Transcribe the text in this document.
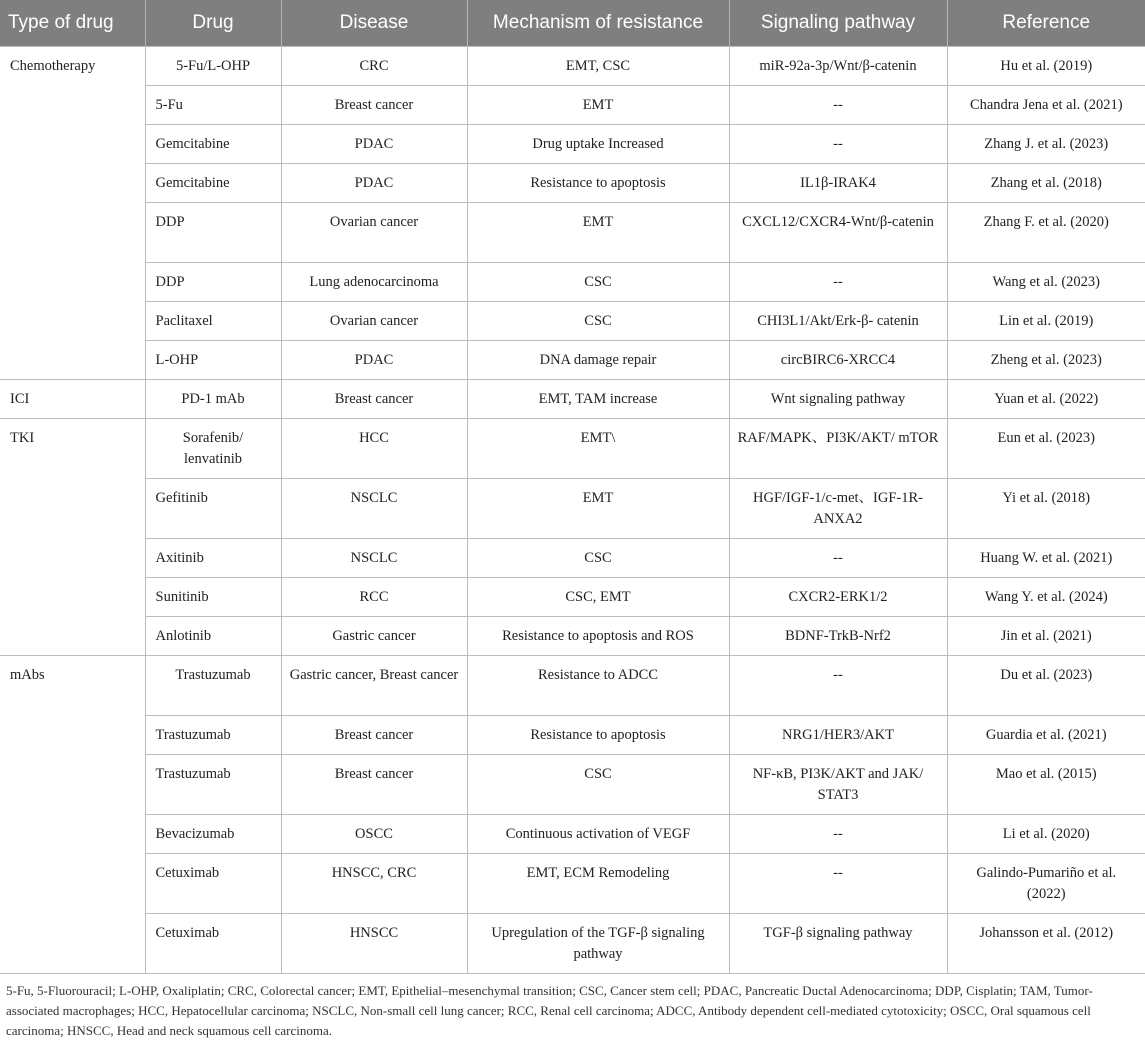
Type of drug	Drug	Disease	Mechanism of resistance	Signaling pathway	Reference
Chemotherapy	5-Fu/L-OHP	CRC	EMT, CSC	miR-92a-3p/Wnt/β-catenin	Hu et al. (2019)
	5-Fu	Breast cancer	EMT	--	Chandra Jena et al. (2021)
	Gemcitabine	PDAC	Drug uptake Increased	--	Zhang J. et al. (2023)
	Gemcitabine	PDAC	Resistance to apoptosis	IL1β-IRAK4	Zhang et al. (2018)
	DDP	Ovarian cancer	EMT	CXCL12/CXCR4-Wnt/β-catenin	Zhang F. et al. (2020)
	DDP	Lung adenocarcinoma	CSC	--	Wang et al. (2023)
	Paclitaxel	Ovarian cancer	CSC	CHI3L1/Akt/Erk-β- catenin	Lin et al. (2019)
	L-OHP	PDAC	DNA damage repair	circBIRC6-XRCC4	Zheng et al. (2023)
ICI	PD-1 mAb	Breast cancer	EMT, TAM increase	Wnt signaling pathway	Yuan et al. (2022)
TKI	Sorafenib/ lenvatinib	HCC	EMT\	RAF/MAPK、PI3K/AKT/ mTOR	Eun et al. (2023)
	Gefitinib	NSCLC	EMT	HGF/IGF-1/c-met、IGF-1R-ANXA2	Yi et al. (2018)
	Axitinib	NSCLC	CSC	--	Huang W. et al. (2021)
	Sunitinib	RCC	CSC, EMT	CXCR2-ERK1/2	Wang Y. et al. (2024)
	Anlotinib	Gastric cancer	Resistance to apoptosis and ROS	BDNF-TrkB-Nrf2	Jin et al. (2021)
mAbs	Trastuzumab	Gastric cancer, Breast cancer	Resistance to ADCC	--	Du et al. (2023)
	Trastuzumab	Breast cancer	Resistance to apoptosis	NRG1/HER3/AKT	Guardia et al. (2021)
	Trastuzumab	Breast cancer	CSC	NF-κB, PI3K/AKT and JAK/ STAT3	Mao et al. (2015)
	Bevacizumab	OSCC	Continuous activation of VEGF	--	Li et al. (2020)
	Cetuximab	HNSCC, CRC	EMT, ECM Remodeling	--	Galindo-Pumariño et al. (2022)
	Cetuximab	HNSCC	Upregulation of the TGF-β signaling pathway	TGF-β signaling pathway	Johansson et al. (2012)

5-Fu, 5-Fluorouracil; L-OHP, Oxaliplatin; CRC, Colorectal cancer; EMT, Epithelial–mesenchymal transition; CSC, Cancer stem cell; PDAC, Pancreatic Ductal Adenocarcinoma; DDP, Cisplatin; TAM, Tumor-associated macrophages; HCC, Hepatocellular carcinoma; NSCLC, Non-small cell lung cancer; RCC, Renal cell carcinoma; ADCC, Antibody dependent cell-mediated cytotoxicity; OSCC, Oral squamous cell carcinoma; HNSCC, Head and neck squamous cell carcinoma.
